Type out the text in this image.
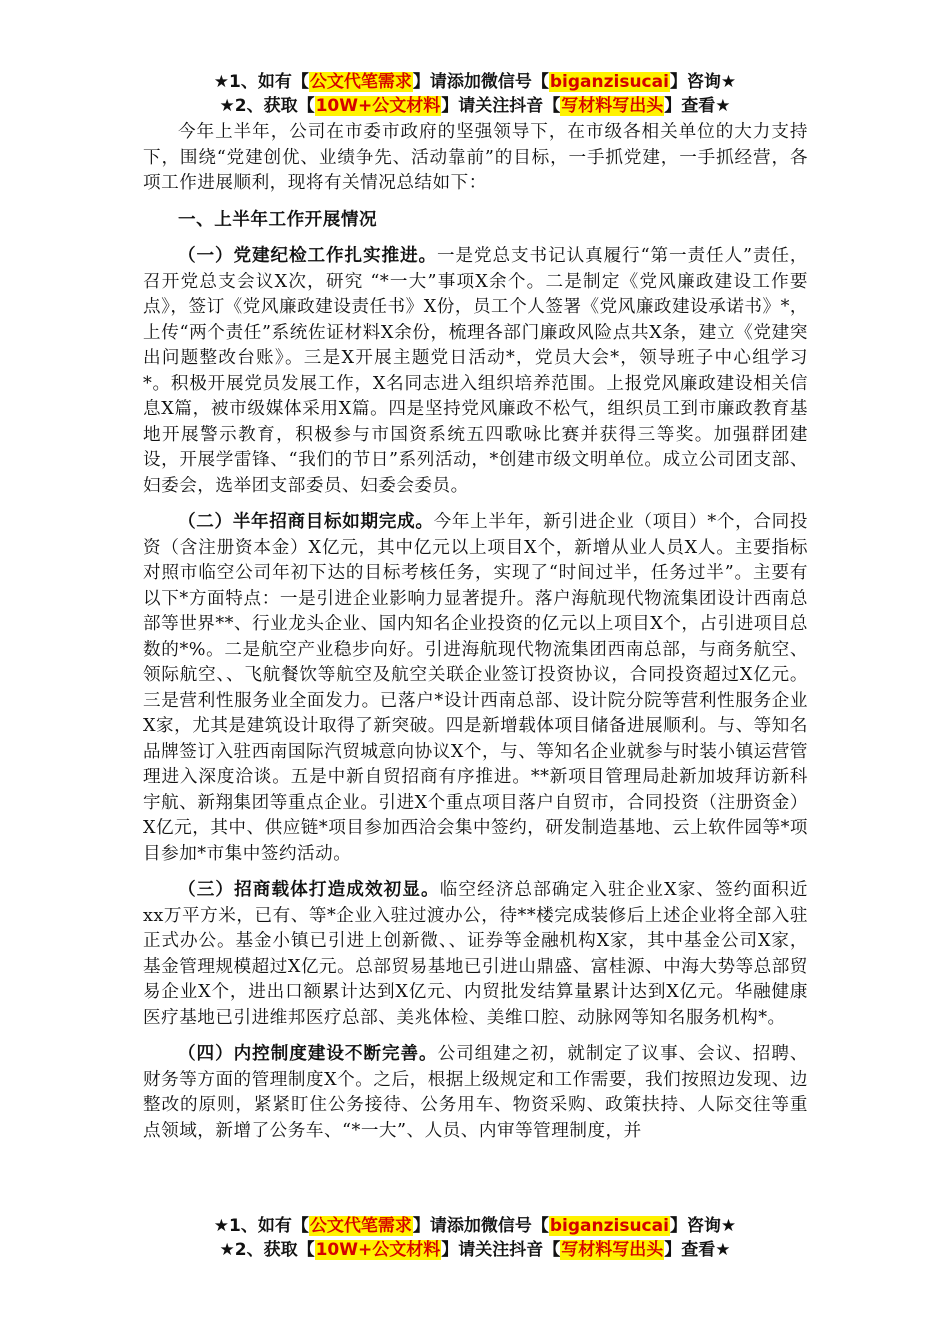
★1、如有【公文代笔需求】请添加微信号【biganzisucai】咨询★
★2、获取【10W+公文材料】请关注抖音【写材料写出头】查看★

今年上半年，公司在市委市政府的坚强领导下，在市级各相关单位的大力支持下，围绕“党建创优、业绩争先、活动靠前”的目标，一手抓党建，一手抓经营，各项工作进展顺利，现将有关情况总结如下：

一、上半年工作开展情况

（一）党建纪检工作扎实推进。一是党总支书记认真履行“第一责任人”责任，召开党总支会议X次，研究 “*一大”事项X余个。二是制定《党风廉政建设工作要点》，签订《党风廉政建设责任书》X份，员工个人签署《党风廉政建设承诺书》*，上传“两个责任”系统佐证材料X余份，梳理各部门廉政风险点共X条，建立《党建突出问题整改台账》。三是X开展主题党日活动*，党员大会*，领导班子中心组学习*。积极开展党员发展工作，X名同志进入组织培养范围。上报党风廉政建设相关信息X篇，被市级媒体采用X篇。四是坚持党风廉政不松气，组织员工到市廉政教育基地开展警示教育，积极参与市国资系统五四歌咏比赛并获得三等奖。加强群团建设，开展学雷锋、“我们的节日”系列活动，*创建市级文明单位。成立公司团支部、妇委会，选举团支部委员、妇委会委员。

（二）半年招商目标如期完成。今年上半年，新引进企业（项目）*个，合同投资（含注册资本金）X亿元，其中亿元以上项目X个，新增从业人员X人。主要指标对照市临空公司年初下达的目标考核任务，实现了“时间过半，任务过半”。主要有以下*方面特点：一是引进企业影响力显著提升。落户海航现代物流集团设计西南总部等世界**、行业龙头企业、国内知名企业投资的亿元以上项目X个，占引进项目总数的*%。二是航空产业稳步向好。引进海航现代物流集团西南总部，与商务航空、领际航空、、飞航餐饮等航空及航空关联企业签订投资协议，合同投资超过X亿元。三是营利性服务业全面发力。已落户*设计西南总部、设计院分院等营利性服务企业X家，尤其是建筑设计取得了新突破。四是新增载体项目储备进展顺利。与、等知名品牌签订入驻西南国际汽贸城意向协议X个，与、等知名企业就参与时装小镇运营管理进入深度洽谈。五是中新自贸招商有序推进。**新项目管理局赴新加坡拜访新科宇航、新翔集团等重点企业。引进X个重点项目落户自贸市，合同投资（注册资金）X亿元，其中、供应链*项目参加西洽会集中签约，研发制造基地、云上软件园等*项目参加*市集中签约活动。

（三）招商载体打造成效初显。临空经济总部确定入驻企业X家、签约面积近xx万平方米，已有、等*企业入驻过渡办公，待**楼完成装修后上述企业将全部入驻正式办公。基金小镇已引进上创新微、、证券等金融机构X家，其中基金公司X家，基金管理规模超过X亿元。总部贸易基地已引进山鼎盛、富桂源、中海大势等总部贸易企业X个，进出口额累计达到X亿元、内贸批发结算量累计达到X亿元。华融健康医疗基地已引进维邦医疗总部、美兆体检、美维口腔、动脉网等知名服务机构*。

（四）内控制度建设不断完善。公司组建之初，就制定了议事、会议、招聘、财务等方面的管理制度X个。之后，根据上级规定和工作需要，我们按照边发现、边整改的原则，紧紧盯住公务接待、公务用车、物资采购、政策扶持、人际交往等重点领域，新增了公务车、“*一大”、人员、内审等管理制度，并

★1、如有【公文代笔需求】请添加微信号【biganzisucai】咨询★
★2、获取【10W+公文材料】请关注抖音【写材料写出头】查看★
